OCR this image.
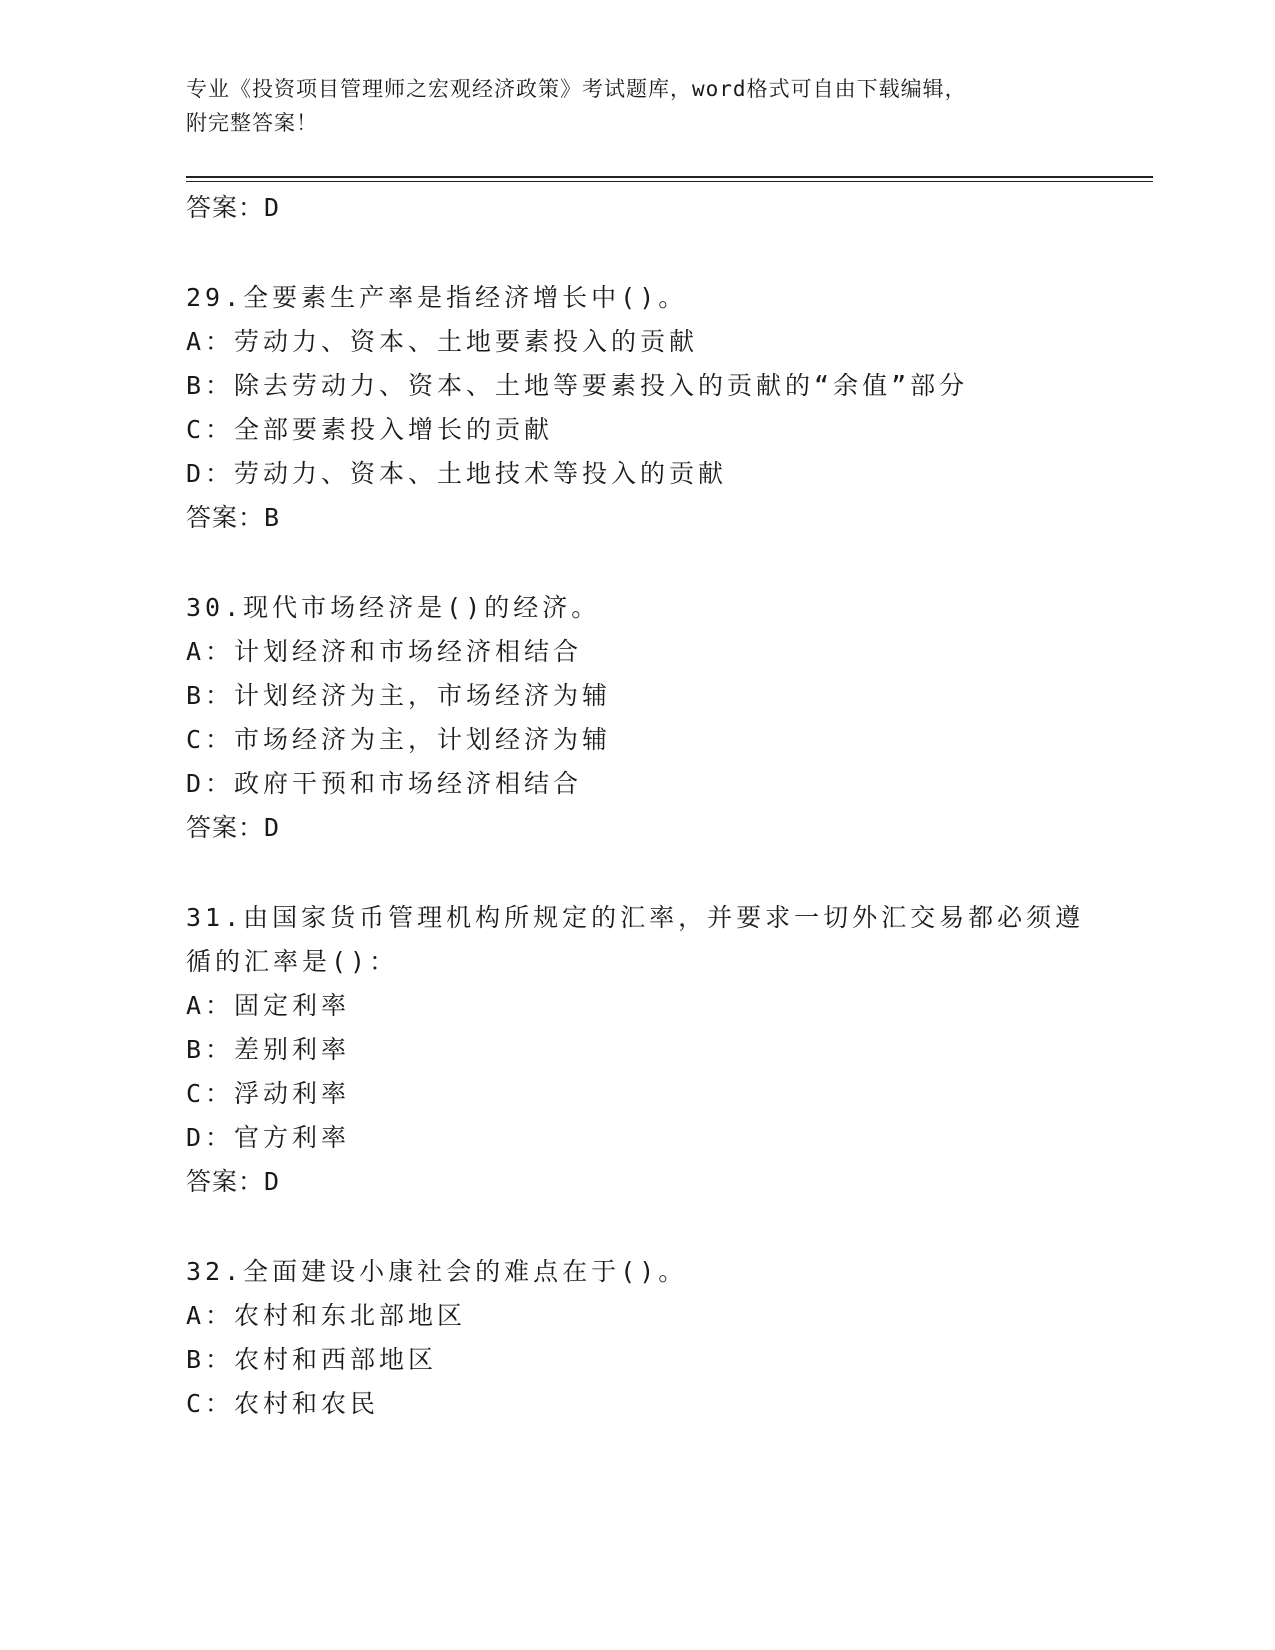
专业《投资项目管理师之宏观经济政策》考试题库，word格式可自由下载编辑，
附完整答案！
答案：D
29.全要素生产率是指经济增长中()。
A：劳动力、资本、土地要素投入的贡献
B：除去劳动力、资本、土地等要素投入的贡献的“余值”部分
C：全部要素投入增长的贡献
D：劳动力、资本、土地技术等投入的贡献
答案：B
30.现代市场经济是()的经济。
A：计划经济和市场经济相结合
B：计划经济为主，市场经济为辅
C：市场经济为主，计划经济为辅
D：政府干预和市场经济相结合
答案：D
31.由国家货币管理机构所规定的汇率，并要求一切外汇交易都必须遵
循的汇率是()：
A：固定利率
B：差别利率
C：浮动利率
D：官方利率
答案：D
32.全面建设小康社会的难点在于()。
A：农村和东北部地区
B：农村和西部地区
C：农村和农民
